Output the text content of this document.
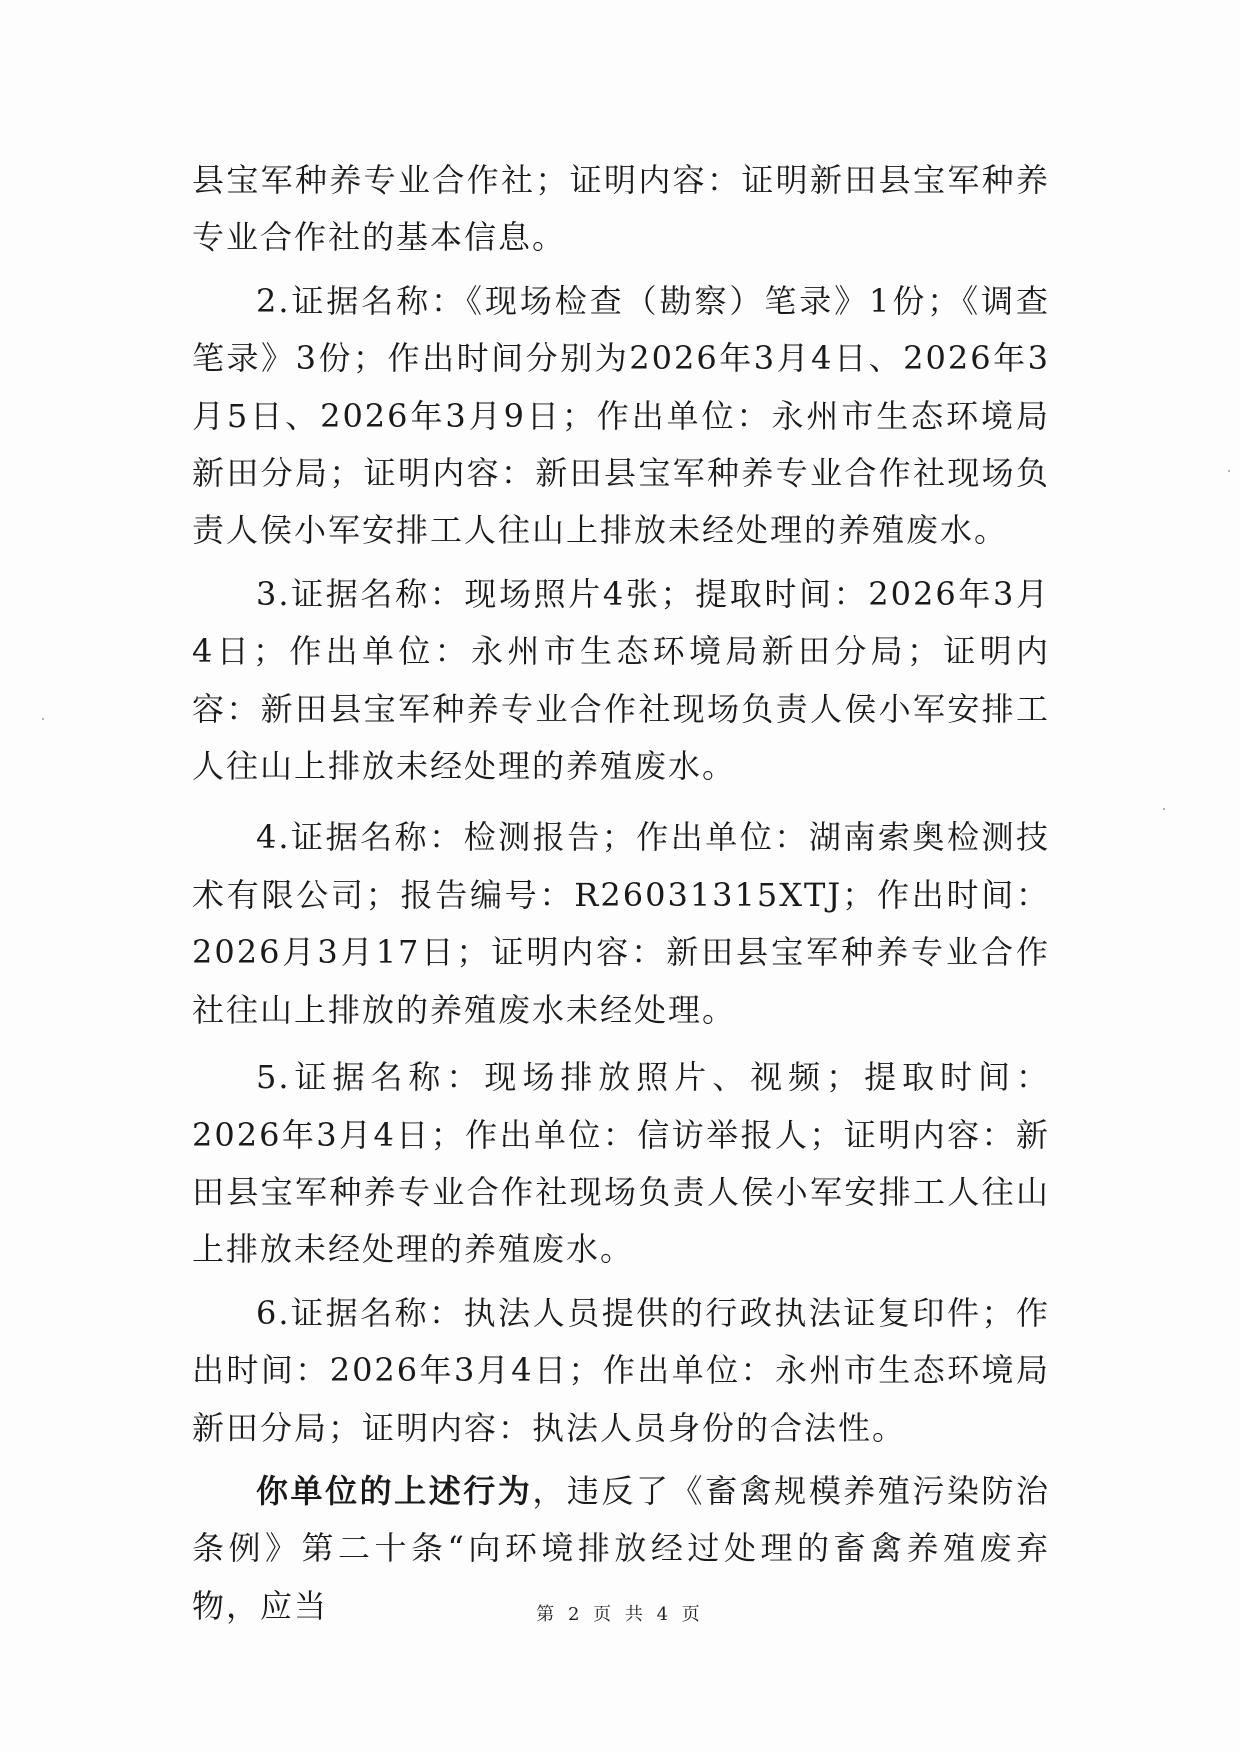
县宝军种养专业合作社；证明内容：证明新田县宝军种养专业合作社的基本信息。

2.证据名称：《现场检查（勘察）笔录》1份；《调查笔录》3份；作出时间分别为2026年3月4日、2026年3月5日、2026年3月9日；作出单位：永州市生态环境局新田分局；证明内容：新田县宝军种养专业合作社现场负责人侯小军安排工人往山上排放未经处理的养殖废水。

3.证据名称：现场照片4张；提取时间：2026年3月4日；作出单位：永州市生态环境局新田分局；证明内容：新田县宝军种养专业合作社现场负责人侯小军安排工人往山上排放未经处理的养殖废水。

4.证据名称：检测报告；作出单位：湖南索奥检测技术有限公司；报告编号：R26031315XTJ；作出时间：2026月3月17日；证明内容：新田县宝军种养专业合作社往山上排放的养殖废水未经处理。

5.证据名称：现场排放照片、视频；提取时间：2026年3月4日；作出单位：信访举报人；证明内容：新田县宝军种养专业合作社现场负责人侯小军安排工人往山上排放未经处理的养殖废水。

6.证据名称：执法人员提供的行政执法证复印件；作出时间：2026年3月4日；作出单位：永州市生态环境局新田分局；证明内容：执法人员身份的合法性。

你单位的上述行为，违反了《畜禽规模养殖污染防治条例》第二十条“向环境排放经过处理的畜禽养殖废弃物，应当	第 2 页 共 4 页
